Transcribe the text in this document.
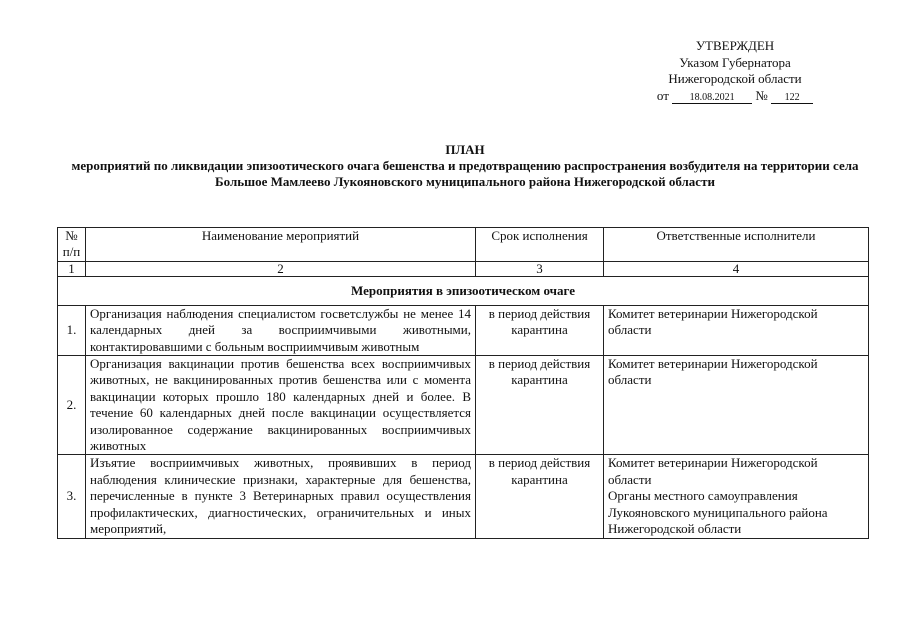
УТВЕРЖДЕН
Указом Губернатора
Нижегородской области
от 18.08.2021 № 122
ПЛАН
мероприятий по ликвидации эпизоотического очага бешенства и предотвращению распространения возбудителя на территории села Большое Мамлеево Лукояновского муниципального района Нижегородской области
№ п/п	Наименование мероприятий	Срок исполнения	Ответственные исполнители
1	2	3	4
Мероприятия в эпизоотическом очаге			
1.	Организация наблюдения специалистом госветслужбы не менее 14 календарных дней за восприимчивыми животными, контактировавшими с больным восприимчивым животным	в период действия карантина	Комитет ветеринарии Нижегородской области

2.	Организация вакцинации против бешенства всех восприимчивых животных, не вакцинированных против бешенства или с момента вакцинации которых прошло 180 календарных дней и более. В течение 60 календарных дней после вакцинации осуществляется изолированное содержание вакцинированных восприимчивых животных	в период действия карантина	Комитет ветеринарии Нижегородской области

3.	Изъятие восприимчивых животных, проявивших в период наблюдения клинические признаки, характерные для бешенства, перечисленные в пункте 3 Ветеринарных правил осуществления профилактических, диагностических, ограничительных и иных мероприятий,	в период действия карантина	Комитет ветеринарии Нижегородской области
Органы местного самоуправления Лукояновского муниципального района Нижегородской области
